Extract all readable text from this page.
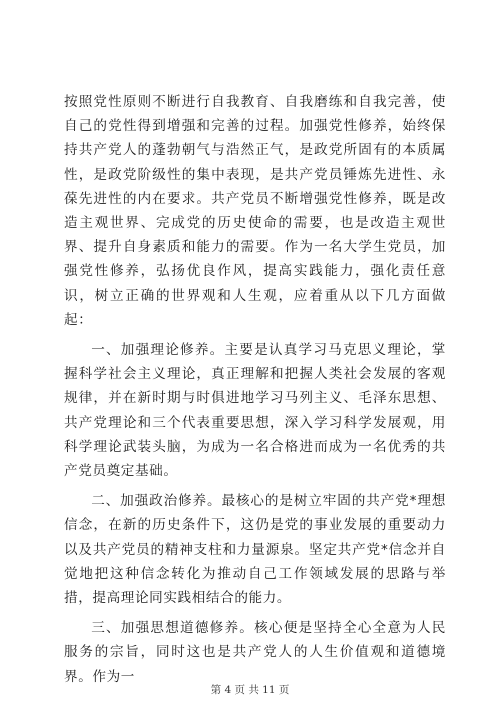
按照党性原则不断进行自我教育、自我磨练和自我完善，使自己的党性得到增强和完善的过程。加强党性修养，始终保持共产党人的蓬勃朝气与浩然正气，是政党所固有的本质属性，是政党阶级性的集中表现，是共产党员锤炼先进性、永葆先进性的内在要求。共产党员不断增强党性修养，既是改造主观世界、完成党的历史使命的需要，也是改造主观世界、提升自身素质和能力的需要。作为一名大学生党员，加强党性修养，弘扬优良作风，提高实践能力，强化责任意识，树立正确的世界观和人生观，应着重从以下几方面做起：

一、加强理论修养。主要是认真学习马克思义理论，掌握科学社会主义理论，真正理解和把握人类社会发展的客观规律，并在新时期与时俱进地学习马列主义、毛泽东思想、共产党理论和三个代表重要思想，深入学习科学发展观，用科学理论武装头脑，为成为一名合格进而成为一名优秀的共产党员奠定基础。

二、加强政治修养。最核心的是树立牢固的共产党*理想信念，在新的历史条件下，这仍是党的事业发展的重要动力以及共产党员的精神支柱和力量源泉。坚定共产党*信念并自觉地把这种信念转化为推动自己工作领域发展的思路与举措，提高理论同实践相结合的能力。

三、加强思想道德修养。核心便是坚持全心全意为人民服务的宗旨，同时这也是共产党人的人生价值观和道德境界。作为一

第 4 页 共 11 页
